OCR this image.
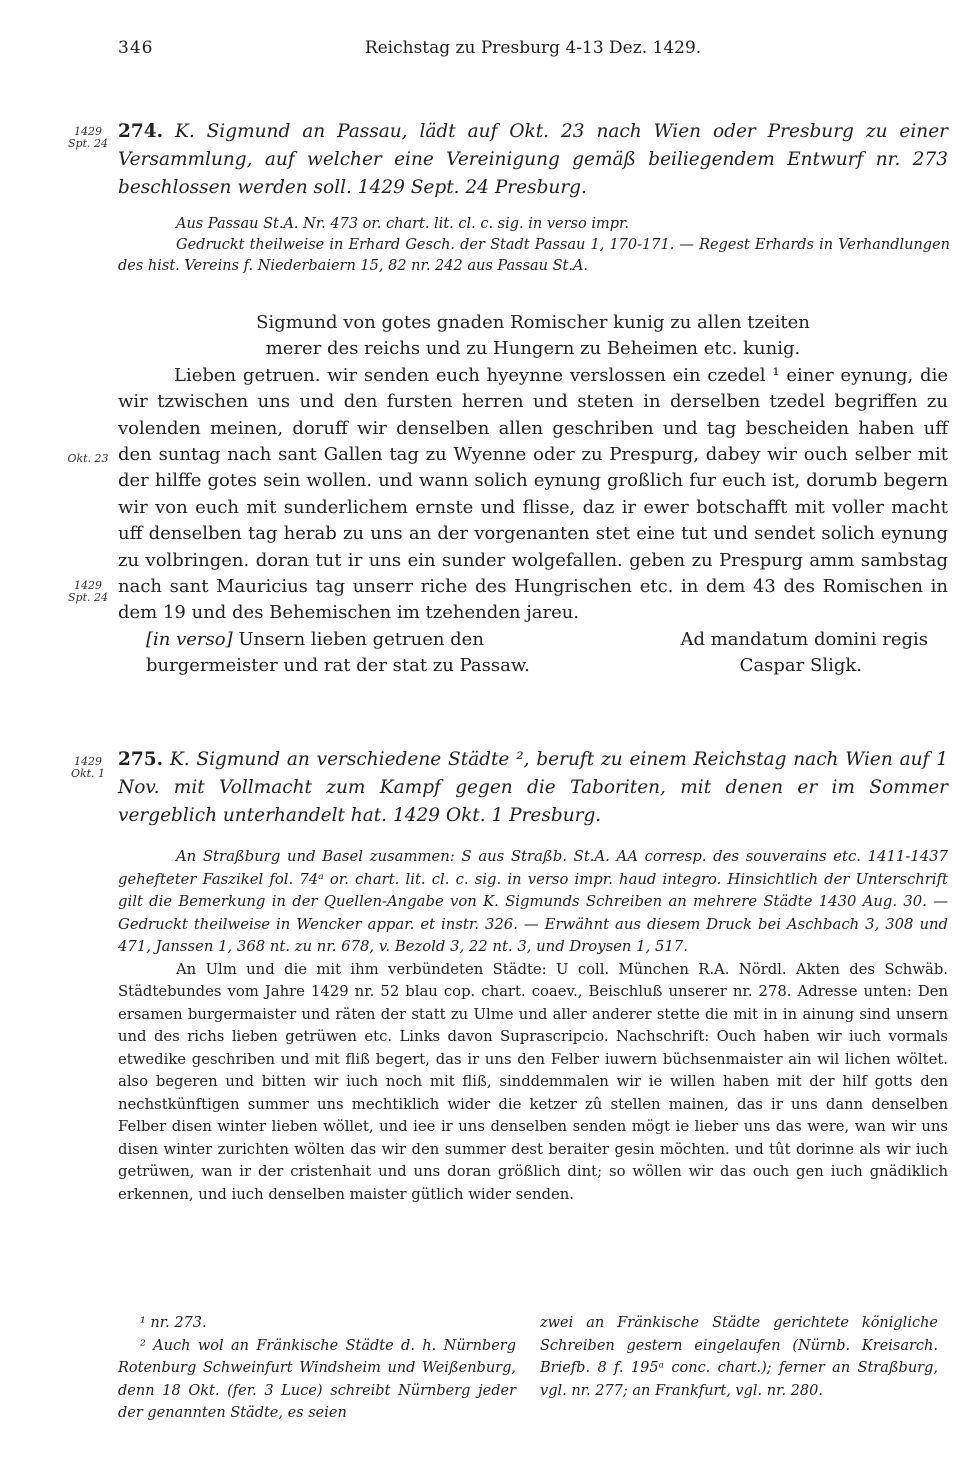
346	Reichstag zu Presburg 4-13 Dez. 1429.
1429
Spt. 24
274. K. Sigmund an Passau, lädt auf Okt. 23 nach Wien oder Presburg zu einer Versammlung, auf welcher eine Vereinigung gemäß beiliegendem Entwurf nr. 273 beschlossen werden soll. 1429 Sept. 24 Presburg.

Aus Passau St.A. Nr. 473 or. chart. lit. cl. c. sig. in verso impr.

Gedruckt theilweise in Erhard Gesch. der Stadt Passau 1, 170-171. — Regest Erhards in Verhandlungen des hist. Vereins f. Niederbaiern 15, 82 nr. 242 aus Passau St.A.

Sigmund von gotes gnaden Romischer kunig zu allen tzeiten

merer des reichs und zu Hungern zu Beheimen etc. kunig.

Lieben getruen. wir senden euch hyeynne verslossen ein czedel ¹ einer eynung, die wir tzwischen uns und den fursten herren und steten in derselben tzedel begriffen zu volenden meinen, doruff wir denselben allen geschriben und tag bescheiden haben uff den suntag nach sant Gallen tag zu Wyenne oder zu Prespurg, dabey wir ouch selber mit der hilffe gotes sein wollen. und wann solich eynung großlich fur euch ist, dorumb begern wir von euch mit sunderlichem ernste und flisse, daz ir ewer botschafft mit voller macht uff denselben tag herab zu uns an der vorgenanten stet eine tut und sendet solich eynung zu volbringen. doran tut ir uns ein sunder wolgefallen. geben zu Prespurg amm sambstag nach sant Mauricius tag unserr riche des Hungrischen etc. in dem 43 des Romischen in dem 19 und des Behemischen im tzehenden jareu.

[in verso] Unsern lieben getruen den	Ad mandatum domini regis
burgermeister und rat der stat zu Passaw.	Caspar Sligk.
Okt. 23
1429
Spt. 24
1429
Okt. 1
275. K. Sigmund an verschiedene Städte ², beruft zu einem Reichstag nach Wien auf 1 Nov. mit Vollmacht zum Kampf gegen die Taboriten, mit denen er im Sommer vergeblich unterhandelt hat. 1429 Okt. 1 Presburg.

An Straßburg und Basel zusammen: S aus Straßb. St.A. AA corresp. des souverains etc. 1411-1437 gehefteter Faszikel fol. 74ᵃ or. chart. lit. cl. c. sig. in verso impr. haud integro. Hinsichtlich der Unterschrift gilt die Bemerkung in der Quellen-Angabe von K. Sigmunds Schreiben an mehrere Städte 1430 Aug. 30. — Gedruckt theilweise in Wencker appar. et instr. 326. — Erwähnt aus diesem Druck bei Aschbach 3, 308 und 471, Janssen 1, 368 nt. zu nr. 678, v. Bezold 3, 22 nt. 3, und Droysen 1, 517.

An Ulm und die mit ihm verbündeten Städte: U coll. München R.A. Nördl. Akten des Schwäb. Städtebundes vom Jahre 1429 nr. 52 blau cop. chart. coaev., Beischluß unserer nr. 278. Adresse unten: Den ersamen burgermaister und räten der statt zu Ulme und aller anderer stette die mit in in ainung sind unsern und des richs lieben getrüwen etc. Links davon Suprascripcio. Nachschrift: Ouch haben wir iuch vormals etwedike geschriben und mit fliß begert, das ir uns den Felber iuwern büchsenmaister ain wil lichen wöltet. also begeren und bitten wir iuch noch mit fliß, sinddemmalen wir ie willen haben mit der hilf gotts den nechstkünftigen summer uns mechtiklich wider die ketzer zû stellen mainen, das ir uns dann denselben Felber disen winter lieben wöllet, und iee ir uns denselben senden mögt ie lieber uns das were, wan wir uns disen winter zurichten wölten das wir den summer dest beraiter gesin möchten. und tût dorinne als wir iuch getrüwen, wan ir der cristenhait und uns doran größlich dint; so wöllen wir das ouch gen iuch gnädiklich erkennen, und iuch denselben maister gütlich wider senden.

¹ nr. 273.

² Auch wol an Fränkische Städte d. h. Nürnberg Rotenburg Schweinfurt Windsheim und Weißenburg, denn 18 Okt. (fer. 3 Luce) schreibt Nürnberg jeder der genannten Städte, es seien

zwei an Fränkische Städte gerichtete königliche Schreiben gestern eingelaufen (Nürnb. Kreisarch. Briefb. 8 f. 195ᵃ conc. chart.); ferner an Straßburg, vgl. nr. 277; an Frankfurt, vgl. nr. 280.
